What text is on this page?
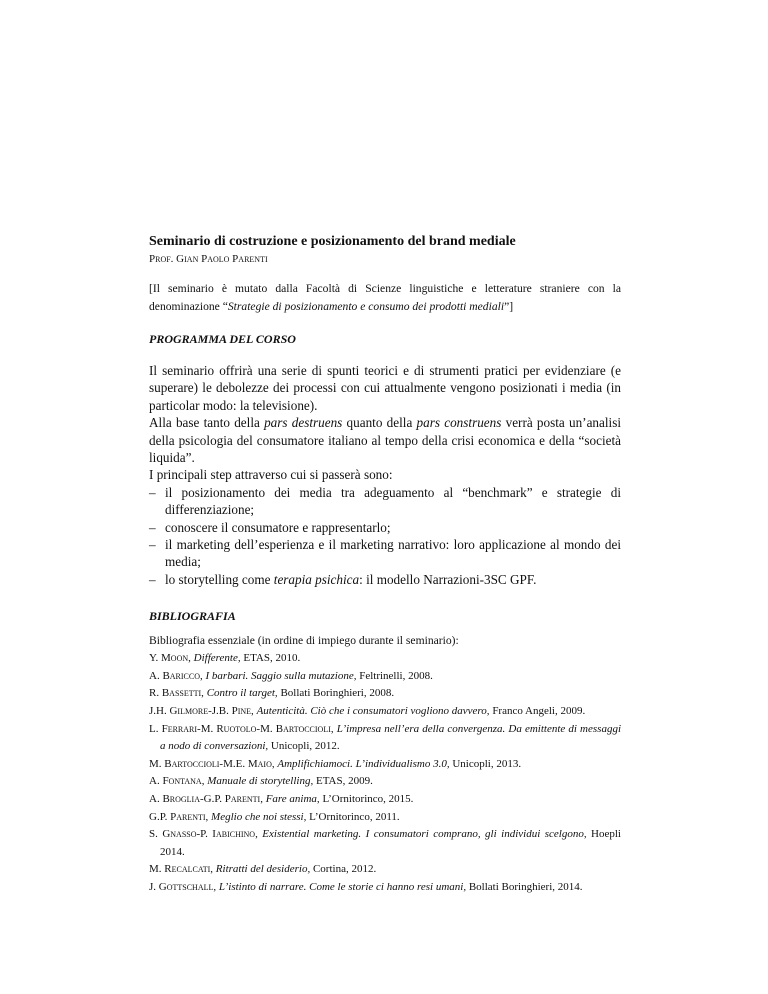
Seminario di costruzione e posizionamento del brand mediale
Prof. Gian Paolo Parenti

[Il seminario è mutato dalla Facoltà di Scienze linguistiche e letterature straniere con la denominazione “Strategie di posizionamento e consumo dei prodotti mediali”]

PROGRAMMA DEL CORSO

Il seminario offrirà una serie di spunti teorici e di strumenti pratici per evidenziare (e superare) le debolezze dei processi con cui attualmente vengono posizionati i media (in particolar modo: la televisione).

Alla base tanto della pars destruens quanto della pars construens verrà posta un’analisi della psicologia del consumatore italiano al tempo della crisi economica e della “società liquida”.

I principali step attraverso cui si passerà sono:

– il posizionamento dei media tra adeguamento al “benchmark” e strategie di differenziazione;
– conoscere il consumatore e rappresentarlo;
– il marketing dell’esperienza e il marketing narrativo: loro applicazione al mondo dei media;
– lo storytelling come terapia psichica: il modello Narrazioni-3SC GPF.
BIBLIOGRAFIA

Bibliografia essenziale (in ordine di impiego durante il seminario):

Y. Moon, Differente, ETAS, 2010.
A. Baricco, I barbari. Saggio sulla mutazione, Feltrinelli, 2008.
R. Bassetti, Contro il target, Bollati Boringhieri, 2008.
J.H. Gilmore-J.B. Pine, Autenticità. Ciò che i consumatori vogliono davvero, Franco Angeli, 2009.
L. Ferrari-M. Ruotolo-M. Bartoccioli, L’impresa nell’era della convergenza. Da emittente di messaggi a nodo di conversazioni, Unicopli, 2012.
M. Bartoccioli-M.E. Maio, Amplifichiamoci. L’individualismo 3.0, Unicopli, 2013.
A. Fontana, Manuale di storytelling, ETAS, 2009.
A. Broglia-G.P. Parenti, Fare anima, L’Ornitorinco, 2015.
G.P. Parenti, Meglio che noi stessi, L’Ornitorinco, 2011.
S. Gnasso-P. Iabichino, Existential marketing. I consumatori comprano, gli individui scelgono, Hoepli 2014.
M. Recalcati, Ritratti del desiderio, Cortina, 2012.
J. Gottschall, L’istinto di narrare. Come le storie ci hanno resi umani, Bollati Boringhieri, 2014.
